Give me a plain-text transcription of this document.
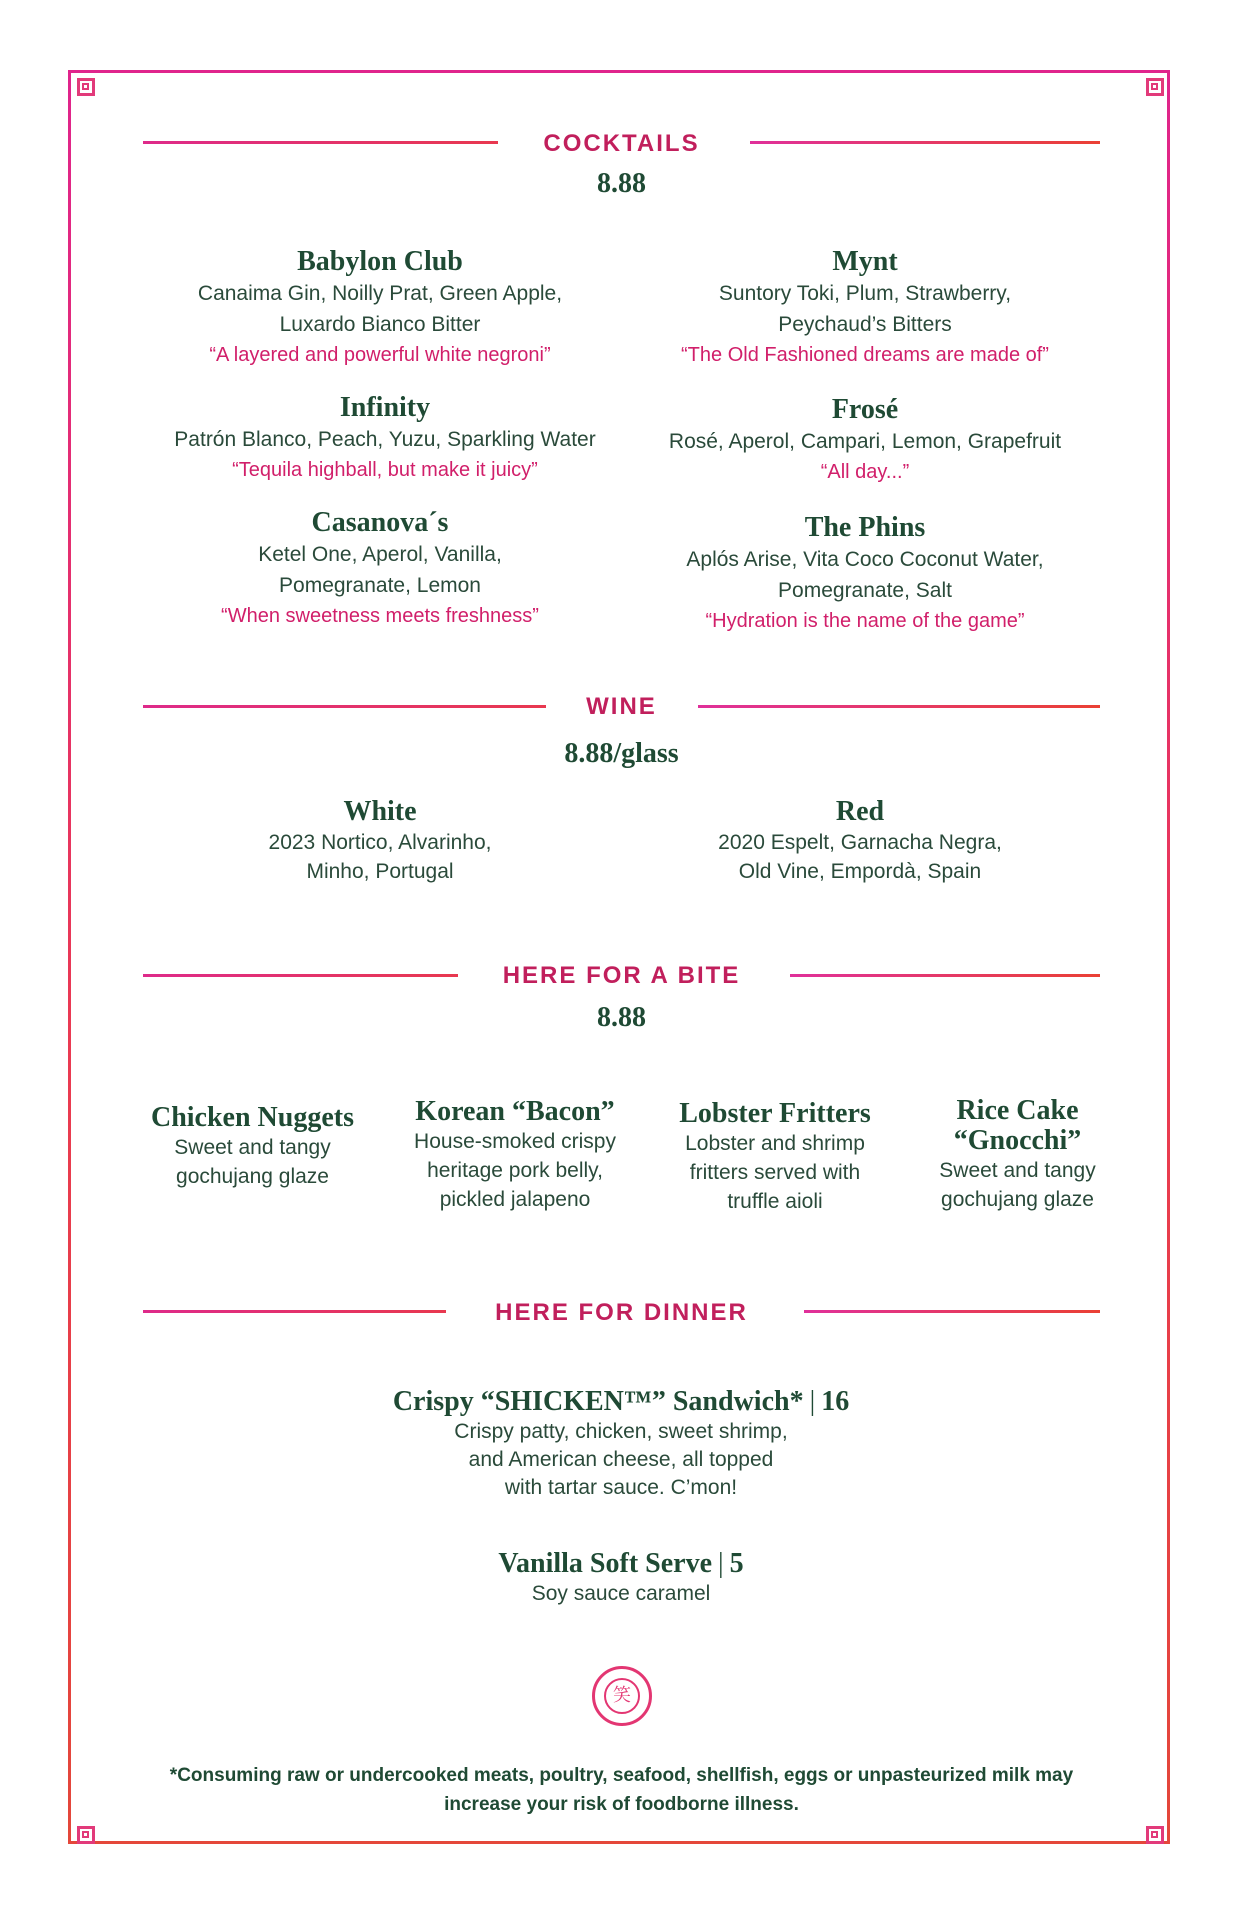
COCKTAILS
8.88
Babylon Club
Canaima Gin, Noilly Prat, Green Apple,
Luxardo Bianco Bitter
“A layered and powerful white negroni”
Infinity
Patrón Blanco, Peach, Yuzu, Sparkling Water
“Tequila highball, but make it juicy”
Casanova´s
Ketel One, Aperol, Vanilla,
Pomegranate, Lemon
“When sweetness meets freshness”
Mynt
Suntory Toki, Plum, Strawberry,
Peychaud’s Bitters
“The Old Fashioned dreams are made of”
Frosé
Rosé, Aperol, Campari, Lemon, Grapefruit
“All day...”
The Phins
Aplós Arise, Vita Coco Coconut Water,
Pomegranate, Salt
“Hydration is the name of the game”
WINE
8.88/glass
White
2023 Nortico, Alvarinho,
Minho, Portugal
Red
2020 Espelt, Garnacha Negra,
Old Vine, Empordà, Spain
HERE FOR A BITE
8.88
Chicken Nuggets
Sweet and tangy
gochujang glaze
Korean “Bacon”
House-smoked crispy
heritage pork belly,
pickled jalapeno
Lobster Fritters
Lobster and shrimp
fritters served with
truffle aioli
Rice Cake
“Gnocchi”
Sweet and tangy
gochujang glaze
HERE FOR DINNER
Crispy “SHICKEN™” Sandwich* | 16
Crispy patty, chicken, sweet shrimp,
and American cheese, all topped
with tartar sauce. C’mon!
Vanilla Soft Serve | 5
Soy sauce caramel
笑
*Consuming raw or undercooked meats, poultry, seafood, shellfish, eggs or unpasteurized milk may
increase your risk of foodborne illness.
